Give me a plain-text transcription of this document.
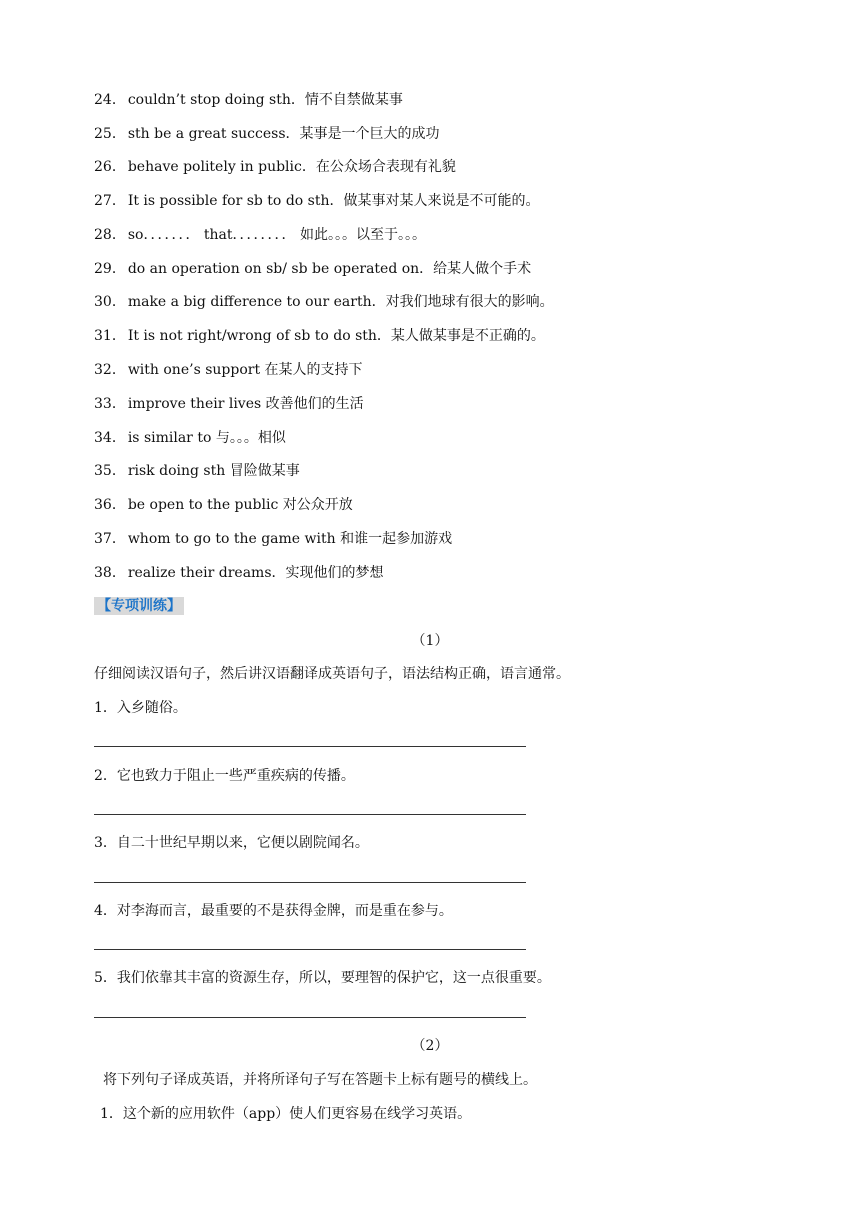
24． couldn’t stop doing sth．情不自禁做某事
25． sth be a great success．某事是一个巨大的成功
26． behave politely in public．在公众场合表现有礼貌
27． It is possible for sb to do sth．做某事对某人来说是不可能的。
28． so．．．．．．． that．．．．．．．． 如此。。。以至于。。。
29． do an operation on sb/ sb be operated on．给某人做个手术
30． make a big difference to our earth．对我们地球有很大的影响。
31． It is not right/wrong of sb to do sth．某人做某事是不正确的。
32． with one’s support 在某人的支持下
33． improve their lives 改善他们的生活
34． is similar to 与。。。相似
35． risk doing sth 冒险做某事
36． be open to the public 对公众开放
37． whom to go to the game with 和谁一起参加游戏
38． realize their dreams．实现他们的梦想
【专项训练】
（1）
仔细阅读汉语句子，然后讲汉语翻译成英语句子，语法结构正确，语言通常。
1．入乡随俗。
2．它也致力于阻止一些严重疾病的传播。
3．自二十世纪早期以来，它便以剧院闻名。
4．对李海而言，最重要的不是获得金牌，而是重在参与。
5．我们依靠其丰富的资源生存，所以，要理智的保护它，这一点很重要。
（2）
将下列句子译成英语，并将所译句子写在答题卡上标有题号的横线上。
1．这个新的应用软件（app）使人们更容易在线学习英语。
